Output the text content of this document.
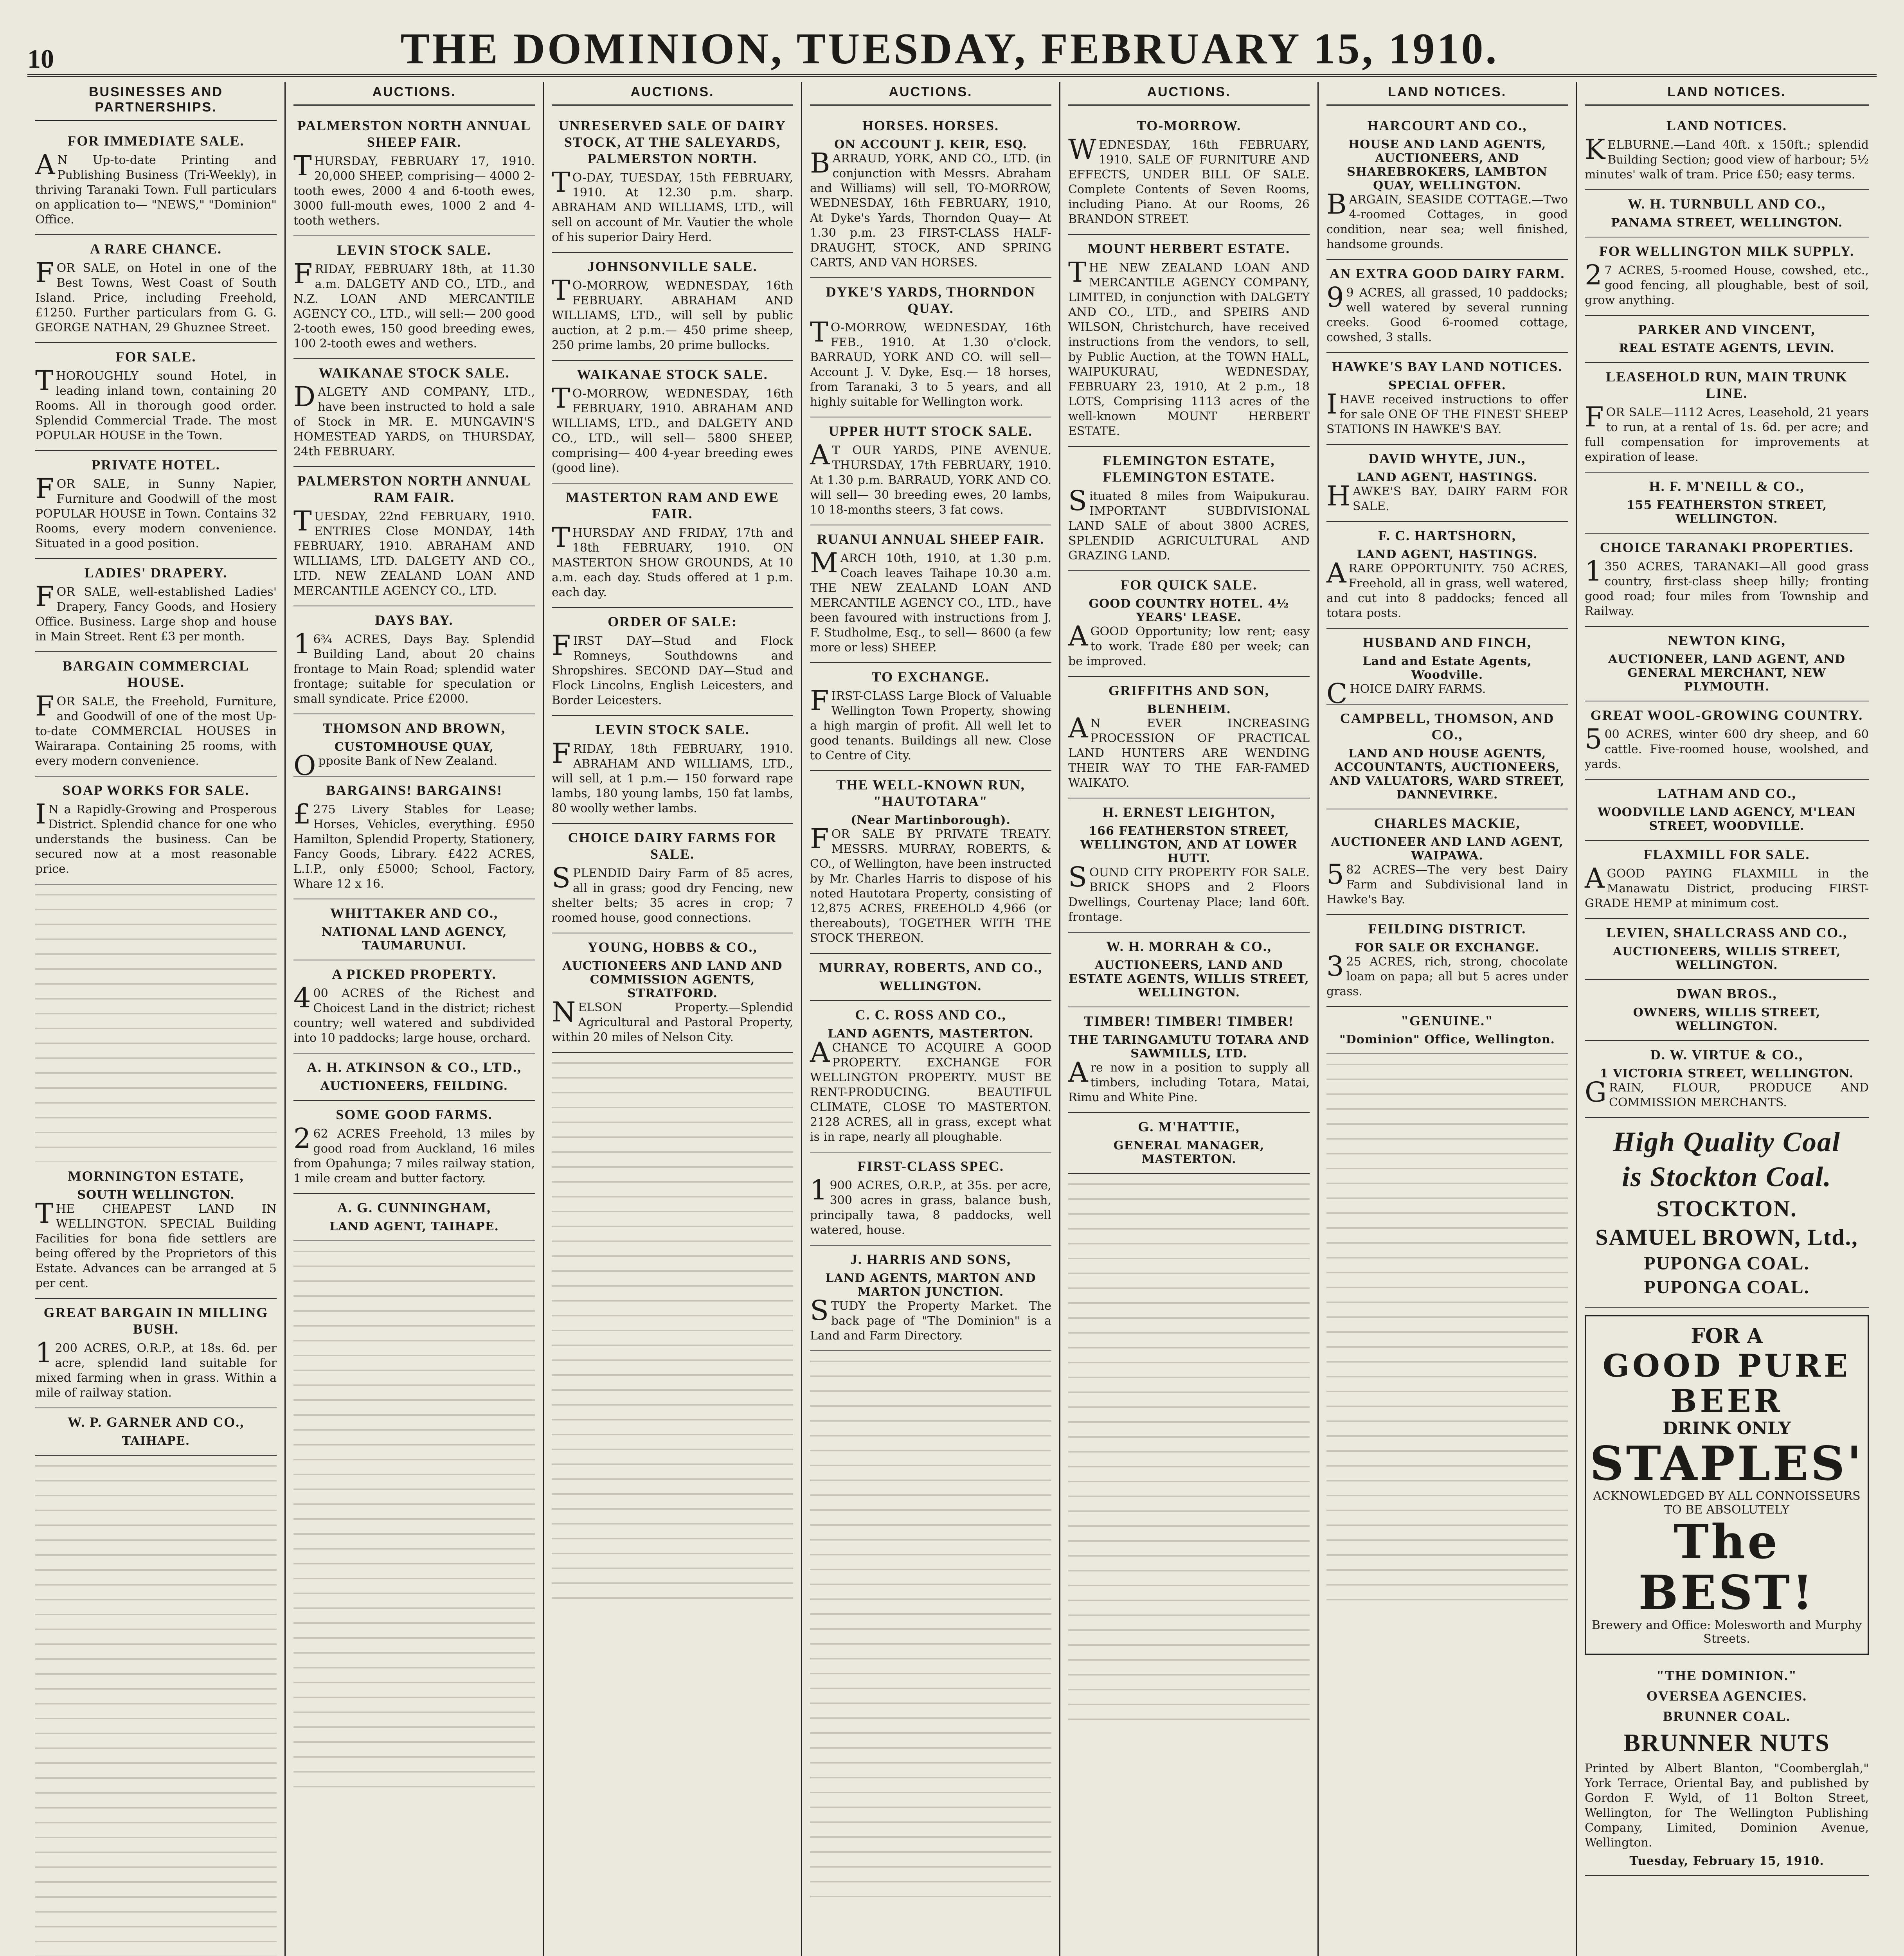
10	THE DOMINION, TUESDAY, FEBRUARY 15, 1910.
BUSINESSES AND PARTNERSHIPS.
FOR IMMEDIATE SALE.

AN Up-to-date Printing and Publishing Business (Tri-Weekly), in thriving Taranaki Town. Full particulars on application to— "NEWS," "Dominion" Office.

A RARE CHANCE.

FOR SALE, on Hotel in one of the Best Towns, West Coast of South Island. Price, including Freehold, £1250. Further particulars from G. G. GEORGE NATHAN, 29 Ghuznee Street.

FOR SALE.

THOROUGHLY sound Hotel, in leading inland town, containing 20 Rooms. All in thorough good order. Splendid Commercial Trade. The most POPULAR HOUSE in the Town.

PRIVATE HOTEL.

FOR SALE, in Sunny Napier, Furniture and Goodwill of the most POPULAR HOUSE in Town. Contains 32 Rooms, every modern convenience. Situated in a good position.

LADIES' DRAPERY.

FOR SALE, well-established Ladies' Drapery, Fancy Goods, and Hosiery Office. Business. Large shop and house in Main Street. Rent £3 per month.

BARGAIN COMMERCIAL HOUSE.

FOR SALE, the Freehold, Furniture, and Goodwill of one of the most Up-to-date COMMERCIAL HOUSES in Wairarapa. Containing 25 rooms, with every modern convenience.

SOAP WORKS FOR SALE.

IN a Rapidly-Growing and Prosperous District. Splendid chance for one who understands the business. Can be secured now at a most reasonable price.

MORNINGTON ESTATE,
SOUTH WELLINGTON.

THE CHEAPEST LAND IN WELLINGTON. SPECIAL Building Facilities for bona fide settlers are being offered by the Proprietors of this Estate. Advances can be arranged at 5 per cent.

GREAT BARGAIN IN MILLING BUSH.

1200 ACRES, O.R.P., at 18s. 6d. per acre, splendid land suitable for mixed farming when in grass. Within a mile of railway station.

W. P. GARNER AND CO.,
TAIHAPE.
AUCTIONS.
PALMERSTON NORTH ANNUAL SHEEP FAIR.

THURSDAY, FEBRUARY 17, 1910. 20,000 SHEEP, comprising— 4000 2-tooth ewes, 2000 4 and 6-tooth ewes, 3000 full-mouth ewes, 1000 2 and 4-tooth wethers.

LEVIN STOCK SALE.

FRIDAY, FEBRUARY 18th, at 11.30 a.m. DALGETY AND CO., LTD., and N.Z. LOAN AND MERCANTILE AGENCY CO., LTD., will sell:— 200 good 2-tooth ewes, 150 good breeding ewes, 100 2-tooth ewes and wethers.

WAIKANAE STOCK SALE.

DALGETY AND COMPANY, LTD., have been instructed to hold a sale of Stock in MR. E. MUNGAVIN'S HOMESTEAD YARDS, on THURSDAY, 24th FEBRUARY.

PALMERSTON NORTH ANNUAL RAM FAIR.

TUESDAY, 22nd FEBRUARY, 1910. ENTRIES Close MONDAY, 14th FEBRUARY, 1910. ABRAHAM AND WILLIAMS, LTD. DALGETY AND CO., LTD. NEW ZEALAND LOAN AND MERCANTILE AGENCY CO., LTD.

DAYS BAY.

16¾ ACRES, Days Bay. Splendid Building Land, about 20 chains frontage to Main Road; splendid water frontage; suitable for speculation or small syndicate. Price £2000.

THOMSON AND BROWN,
CUSTOMHOUSE QUAY,

Opposite Bank of New Zealand.

BARGAINS! BARGAINS!

£275 Livery Stables for Lease; Horses, Vehicles, everything. £950 Hamilton, Splendid Property, Stationery, Fancy Goods, Library. £422 ACRES, L.I.P., only £5000; School, Factory, Whare 12 x 16.

WHITTAKER AND CO.,
NATIONAL LAND AGENCY, TAUMARUNUI.
A PICKED PROPERTY.

400 ACRES of the Richest and Choicest Land in the district; richest country; well watered and subdivided into 10 paddocks; large house, orchard.

A. H. ATKINSON & CO., LTD.,
AUCTIONEERS, FEILDING.
SOME GOOD FARMS.

262 ACRES Freehold, 13 miles by good road from Auckland, 16 miles from Opahunga; 7 miles railway station, 1 mile cream and butter factory.

A. G. CUNNINGHAM,
LAND AGENT, TAIHAPE.
AUCTIONS.
UNRESERVED SALE OF DAIRY STOCK, AT THE SALEYARDS, PALMERSTON NORTH.

TO-DAY, TUESDAY, 15th FEBRUARY, 1910. At 12.30 p.m. sharp. ABRAHAM AND WILLIAMS, LTD., will sell on account of Mr. Vautier the whole of his superior Dairy Herd.

JOHNSONVILLE SALE.

TO-MORROW, WEDNESDAY, 16th FEBRUARY. ABRAHAM AND WILLIAMS, LTD., will sell by public auction, at 2 p.m.— 450 prime sheep, 250 prime lambs, 20 prime bullocks.

WAIKANAE STOCK SALE.

TO-MORROW, WEDNESDAY, 16th FEBRUARY, 1910. ABRAHAM AND WILLIAMS, LTD., and DALGETY AND CO., LTD., will sell— 5800 SHEEP, comprising— 400 4-year breeding ewes (good line).

MASTERTON RAM AND EWE FAIR.

THURSDAY AND FRIDAY, 17th and 18th FEBRUARY, 1910. ON MASTERTON SHOW GROUNDS, At 10 a.m. each day. Studs offered at 1 p.m. each day.

ORDER OF SALE:

FIRST DAY—Stud and Flock Romneys, Southdowns and Shropshires. SECOND DAY—Stud and Flock Lincolns, English Leicesters, and Border Leicesters.

LEVIN STOCK SALE.

FRIDAY, 18th FEBRUARY, 1910. ABRAHAM AND WILLIAMS, LTD., will sell, at 1 p.m.— 150 forward rape lambs, 180 young lambs, 150 fat lambs, 80 woolly wether lambs.

CHOICE DAIRY FARMS FOR SALE.

SPLENDID Dairy Farm of 85 acres, all in grass; good dry Fencing, new shelter belts; 35 acres in crop; 7 roomed house, good connections.

YOUNG, HOBBS & CO.,
AUCTIONEERS AND LAND AND COMMISSION AGENTS, STRATFORD.

NELSON Property.—Splendid Agricultural and Pastoral Property, within 20 miles of Nelson City.

AUCTIONS.
HORSES. HORSES.
ON ACCOUNT J. KEIR, ESQ.

BARRAUD, YORK, AND CO., LTD. (in conjunction with Messrs. Abraham and Williams) will sell, TO-MORROW, WEDNESDAY, 16th FEBRUARY, 1910, At Dyke's Yards, Thorndon Quay— At 1.30 p.m. 23 FIRST-CLASS HALF-DRAUGHT, STOCK, AND SPRING CARTS, AND VAN HORSES.

DYKE'S YARDS, THORNDON QUAY.

TO-MORROW, WEDNESDAY, 16th FEB., 1910. At 1.30 o'clock. BARRAUD, YORK AND CO. will sell— Account J. V. Dyke, Esq.— 18 horses, from Taranaki, 3 to 5 years, and all highly suitable for Wellington work.

UPPER HUTT STOCK SALE.

AT OUR YARDS, PINE AVENUE. THURSDAY, 17th FEBRUARY, 1910. At 1.30 p.m. BARRAUD, YORK AND CO. will sell— 30 breeding ewes, 20 lambs, 10 18-months steers, 3 fat cows.

RUANUI ANNUAL SHEEP FAIR.

MARCH 10th, 1910, at 1.30 p.m. Coach leaves Taihape 10.30 a.m. THE NEW ZEALAND LOAN AND MERCANTILE AGENCY CO., LTD., have been favoured with instructions from J. F. Studholme, Esq., to sell— 8600 (a few more or less) SHEEP.

TO EXCHANGE.

FIRST-CLASS Large Block of Valuable Wellington Town Property, showing a high margin of profit. All well let to good tenants. Buildings all new. Close to Centre of City.

THE WELL-KNOWN RUN, "HAUTOTARA"
(Near Martinborough).

FOR SALE BY PRIVATE TREATY. MESSRS. MURRAY, ROBERTS, & CO., of Wellington, have been instructed by Mr. Charles Harris to dispose of his noted Hautotara Property, consisting of 12,875 ACRES, FREEHOLD 4,966 (or thereabouts), TOGETHER WITH THE STOCK THEREON.

MURRAY, ROBERTS, AND CO.,
WELLINGTON.
C. C. ROSS AND CO.,
LAND AGENTS, MASTERTON.

ACHANCE TO ACQUIRE A GOOD PROPERTY. EXCHANGE FOR WELLINGTON PROPERTY. MUST BE RENT-PRODUCING. BEAUTIFUL CLIMATE, CLOSE TO MASTERTON. 2128 ACRES, all in grass, except what is in rape, nearly all ploughable.

FIRST-CLASS SPEC.

1900 ACRES, O.R.P., at 35s. per acre, 300 acres in grass, balance bush, principally tawa, 8 paddocks, well watered, house.

J. HARRIS AND SONS,
LAND AGENTS, MARTON AND MARTON JUNCTION.

STUDY the Property Market. The back page of "The Dominion" is a Land and Farm Directory.

AUCTIONS.
TO-MORROW.

WEDNESDAY, 16th FEBRUARY, 1910. SALE OF FURNITURE AND EFFECTS, UNDER BILL OF SALE. Complete Contents of Seven Rooms, including Piano. At our Rooms, 26 BRANDON STREET.

MOUNT HERBERT ESTATE.

THE NEW ZEALAND LOAN AND MERCANTILE AGENCY COMPANY, LIMITED, in conjunction with DALGETY AND CO., LTD., and SPEIRS AND WILSON, Christchurch, have received instructions from the vendors, to sell, by Public Auction, at the TOWN HALL, WAIPUKURAU, WEDNESDAY, FEBRUARY 23, 1910, At 2 p.m., 18 LOTS, Comprising 1113 acres of the well-known MOUNT HERBERT ESTATE.

FLEMINGTON ESTATE, FLEMINGTON ESTATE.

Situated 8 miles from Waipukurau. IMPORTANT SUBDIVISIONAL LAND SALE of about 3800 ACRES, SPLENDID AGRICULTURAL AND GRAZING LAND.

FOR QUICK SALE.
GOOD COUNTRY HOTEL. 4½ YEARS' LEASE.

AGOOD Opportunity; low rent; easy to work. Trade £80 per week; can be improved.

GRIFFITHS AND SON,
BLENHEIM.

AN EVER INCREASING PROCESSION OF PRACTICAL LAND HUNTERS ARE WENDING THEIR WAY TO THE FAR-FAMED WAIKATO.

H. ERNEST LEIGHTON,
166 FEATHERSTON STREET, WELLINGTON, AND AT LOWER HUTT.

SOUND CITY PROPERTY FOR SALE. BRICK SHOPS and 2 Floors Dwellings, Courtenay Place; land 60ft. frontage.

W. H. MORRAH & CO.,
AUCTIONEERS, LAND AND ESTATE AGENTS, WILLIS STREET, WELLINGTON.
TIMBER! TIMBER! TIMBER!
THE TARINGAMUTU TOTARA AND SAWMILLS, LTD.

Are now in a position to supply all timbers, including Totara, Matai, Rimu and White Pine.

G. M'HATTIE,
GENERAL MANAGER, MASTERTON.
LAND NOTICES.
HARCOURT AND CO.,
HOUSE AND LAND AGENTS, AUCTIONEERS, AND SHAREBROKERS, LAMBTON QUAY, WELLINGTON.

BARGAIN, SEASIDE COTTAGE.—Two 4-roomed Cottages, in good condition, near sea; well finished, handsome grounds.

AN EXTRA GOOD DAIRY FARM.

99 ACRES, all grassed, 10 paddocks; well watered by several running creeks. Good 6-roomed cottage, cowshed, 3 stalls.

HAWKE'S BAY LAND NOTICES.
SPECIAL OFFER.

IHAVE received instructions to offer for sale ONE OF THE FINEST SHEEP STATIONS IN HAWKE'S BAY.

DAVID WHYTE, JUN.,
LAND AGENT, HASTINGS.

HAWKE'S BAY. DAIRY FARM FOR SALE.

F. C. HARTSHORN,
LAND AGENT, HASTINGS.

ARARE OPPORTUNITY. 750 ACRES, Freehold, all in grass, well watered, and cut into 8 paddocks; fenced all totara posts.

HUSBAND AND FINCH,
Land and Estate Agents, Woodville.

CHOICE DAIRY FARMS.

CAMPBELL, THOMSON, AND CO.,
LAND AND HOUSE AGENTS, ACCOUNTANTS, AUCTIONEERS, AND VALUATORS, WARD STREET, DANNEVIRKE.
CHARLES MACKIE,
AUCTIONEER AND LAND AGENT, WAIPAWA.

582 ACRES—The very best Dairy Farm and Subdivisional land in Hawke's Bay.

FEILDING DISTRICT.
FOR SALE OR EXCHANGE.

325 ACRES, rich, strong, chocolate loam on papa; all but 5 acres under grass.

"GENUINE."
"Dominion" Office, Wellington.
LAND NOTICES.
LAND NOTICES.

KELBURNE.—Land 40ft. x 150ft.; splendid Building Section; good view of harbour; 5½ minutes' walk of tram. Price £50; easy terms.

W. H. TURNBULL AND CO.,
PANAMA STREET, WELLINGTON.
FOR WELLINGTON MILK SUPPLY.

27 ACRES, 5-roomed House, cowshed, etc., good fencing, all ploughable, best of soil, grow anything.

PARKER AND VINCENT,
REAL ESTATE AGENTS, LEVIN.
LEASEHOLD RUN, MAIN TRUNK LINE.

FOR SALE—1112 Acres, Leasehold, 21 years to run, at a rental of 1s. 6d. per acre; and full compensation for improvements at expiration of lease.

H. F. M'NEILL & CO.,
155 FEATHERSTON STREET, WELLINGTON.
CHOICE TARANAKI PROPERTIES.

1350 ACRES, TARANAKI—All good grass country, first-class sheep hilly; fronting good road; four miles from Township and Railway.

NEWTON KING,
AUCTIONEER, LAND AGENT, AND GENERAL MERCHANT, NEW PLYMOUTH.
GREAT WOOL-GROWING COUNTRY.

500 ACRES, winter 600 dry sheep, and 60 cattle. Five-roomed house, woolshed, and yards.

LATHAM AND CO.,
WOODVILLE LAND AGENCY, M'LEAN STREET, WOODVILLE.
FLAXMILL FOR SALE.

AGOOD PAYING FLAXMILL in the Manawatu District, producing FIRST-GRADE HEMP at minimum cost.

LEVIEN, SHALLCRASS AND CO.,
AUCTIONEERS, WILLIS STREET, WELLINGTON.
DWAN BROS.,
OWNERS, WILLIS STREET, WELLINGTON.
D. W. VIRTUE & CO.,
1 VICTORIA STREET, WELLINGTON.

GRAIN, FLOUR, PRODUCE AND COMMISSION MERCHANTS.

High Quality Coal
is Stockton Coal.
STOCKTON.
SAMUEL BROWN, Ltd.,
PUPONGA COAL.
PUPONGA COAL.
FOR A
GOOD PURE BEER
DRINK ONLY
STAPLES'
ACKNOWLEDGED BY ALL CONNOISSEURS TO BE ABSOLUTELY
The BEST!
Brewery and Office: Molesworth and Murphy Streets.
"THE DOMINION."
OVERSEA AGENCIES.
BRUNNER COAL.
BRUNNER NUTS

Printed by Albert Blanton, "Coomberglah," York Terrace, Oriental Bay, and published by Gordon F. Wyld, of 11 Bolton Street, Wellington, for The Wellington Publishing Company, Limited, Dominion Avenue, Wellington.

Tuesday, February 15, 1910.
